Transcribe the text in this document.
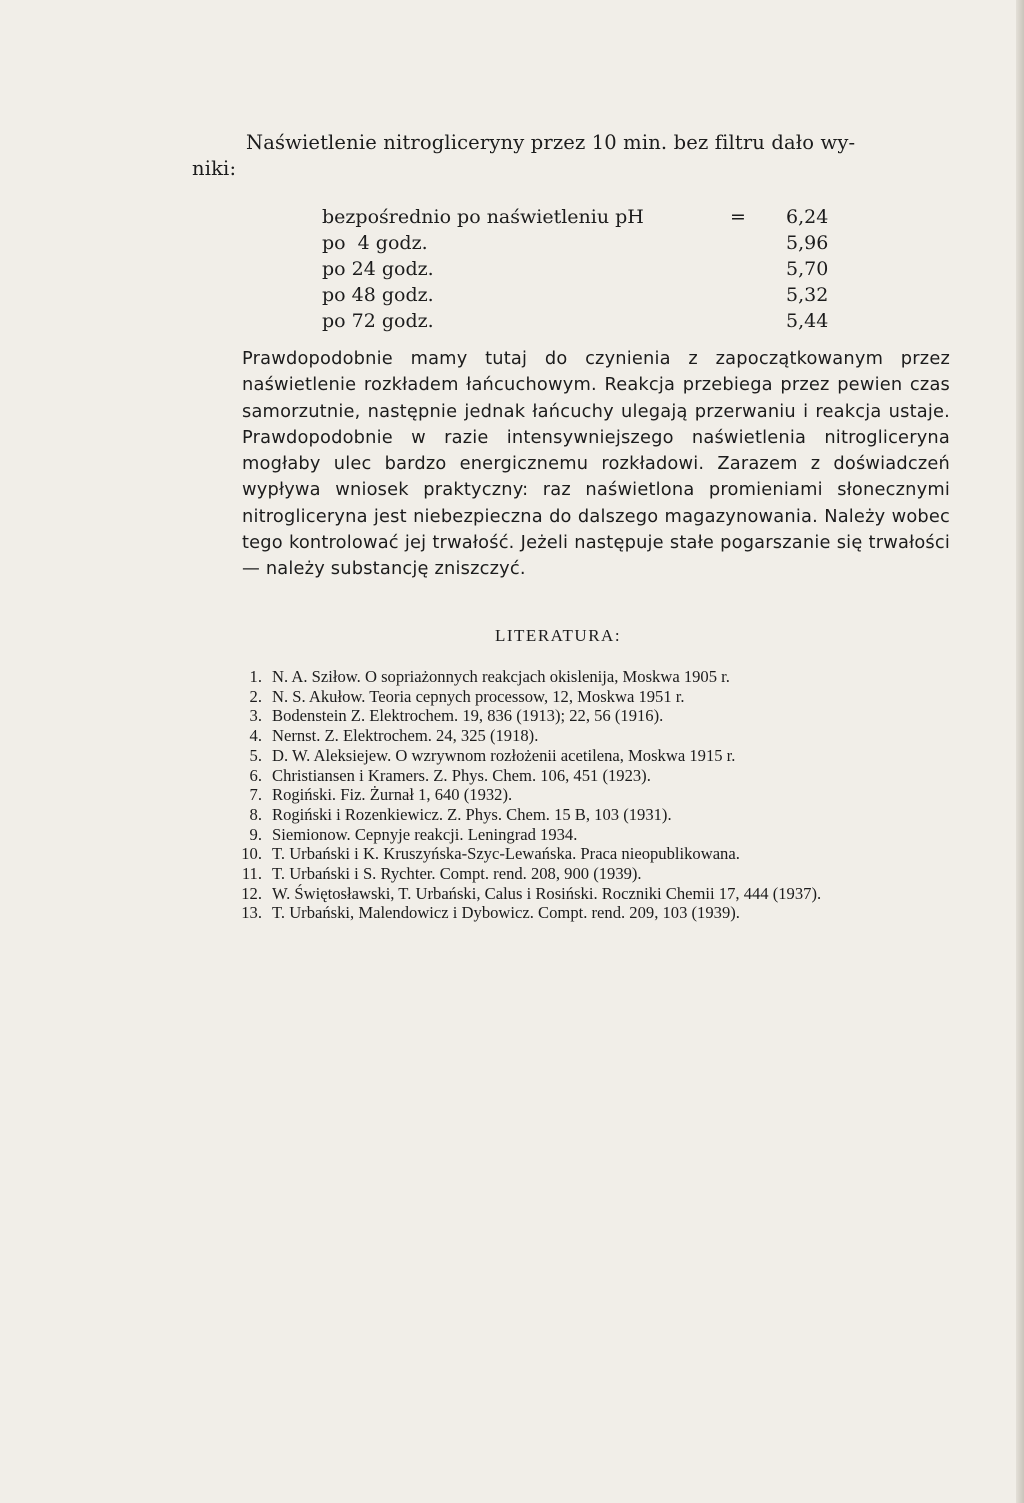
Naświetlenie nitrogliceryny przez 10 min. bez filtru dało wy-
niki:
bezpośrednio po naświetleniu pH	=	6,24
po  4 godz.	5,96
po 24 godz.	5,70
po 48 godz.	5,32
po 72 godz.	5,44
Prawdopodobnie mamy tutaj do czynienia z zapoczątkowanym przez naświetlenie rozkładem łańcuchowym. Reakcja przebiega przez pewien czas samorzutnie, następnie jednak łańcuchy ulegają przerwaniu i reakcja ustaje. Prawdopodobnie w razie intensywniejszego naświetlenia nitrogliceryna mogłaby ulec bardzo energicznemu rozkładowi. Zarazem z doświadczeń wypływa wniosek praktyczny: raz naświetlona promieniami słonecznymi nitrogliceryna jest niebezpieczna do dalszego magazynowania. Należy wobec tego kontrolować jej trwałość. Jeżeli następuje stałe pogarszanie się trwałości — należy substancję zniszczyć.
LITERATURA:
1. N. A. Sziłow. O sopriażonnych reakcjach okislenija, Moskwa 1905 r.
2. N. S. Akułow. Teoria cepnych processow, 12, Moskwa 1951 r.
3. Bodenstein Z. Elektrochem. 19, 836 (1913); 22, 56 (1916).
4. Nernst. Z. Elektrochem. 24, 325 (1918).
5. D. W. Aleksiejew. O wzrywnom rozłożenii acetilena, Moskwa 1915 r.
6. Christiansen i Kramers. Z. Phys. Chem. 106, 451 (1923).
7. Rogiński. Fiz. Żurnał 1, 640 (1932).
8. Rogiński i Rozenkiewicz. Z. Phys. Chem. 15 B, 103 (1931).
9. Siemionow. Cepnyje reakcji. Leningrad 1934.
10. T. Urbański i K. Kruszyńska-Szyc-Lewańska. Praca nieopublikowana.
11. T. Urbański i S. Rychter. Compt. rend. 208, 900 (1939).
12. W. Świętosławski, T. Urbański, Calus i Rosiński. Roczniki Chemii 17, 444 (1937).
13. T. Urbański, Malendowicz i Dybowicz. Compt. rend. 209, 103 (1939).
